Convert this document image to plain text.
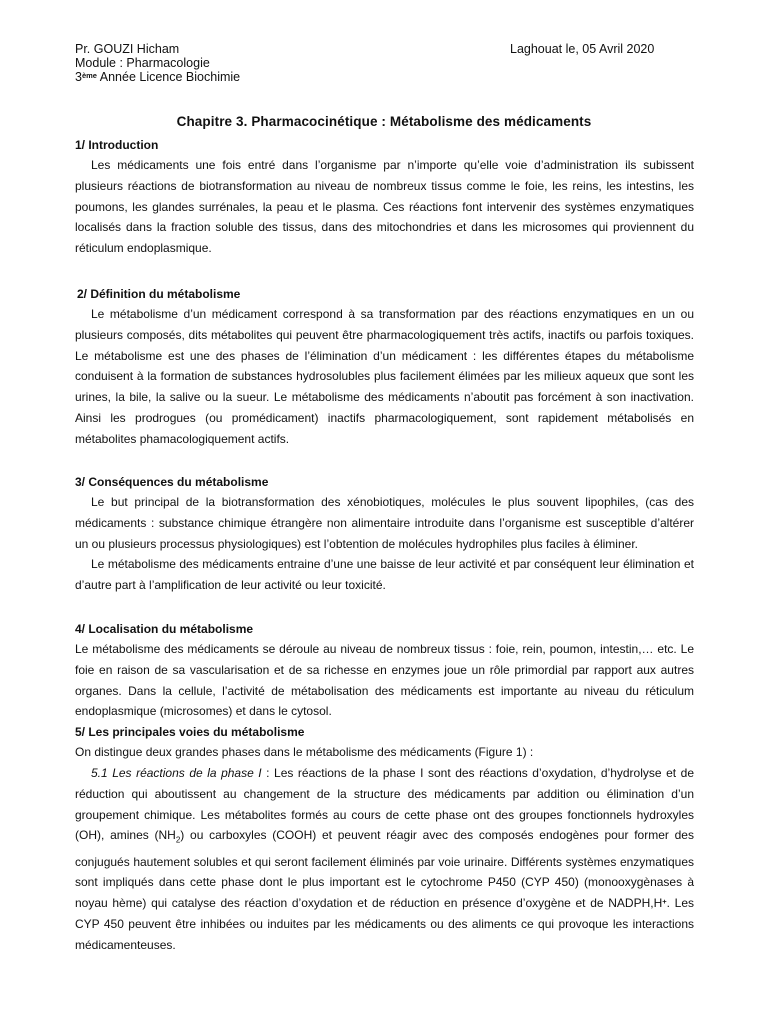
Pr. GOUZI Hicham
Module : Pharmacologie
3ème Année Licence Biochimie
Laghouat le, 05 Avril 2020
Chapitre 3. Pharmacocinétique : Métabolisme des médicaments
1/ Introduction
Les médicaments une fois entré dans l’organisme par n’importe qu’elle voie d’administration ils subissent plusieurs réactions de biotransformation au niveau de nombreux tissus comme le foie, les reins, les intestins, les poumons, les glandes surrénales, la peau et le plasma. Ces réactions font intervenir des systèmes enzymatiques localisés dans la fraction soluble des tissus, dans des mitochondries et dans les microsomes qui proviennent du réticulum endoplasmique.
2/ Définition du métabolisme
Le métabolisme d’un médicament correspond à sa transformation par des réactions enzymatiques en un ou plusieurs composés, dits métabolites qui peuvent être pharmacologiquement très actifs, inactifs ou parfois toxiques. Le métabolisme est une des phases de l’élimination d’un médicament : les différentes étapes du métabolisme conduisent à la formation de substances hydrosolubles plus facilement élimées par les milieux aqueux que sont les urines, la bile, la salive ou la sueur. Le métabolisme des médicaments n’aboutit pas forcément à son inactivation. Ainsi les prodrogues (ou promédicament) inactifs pharmacologiquement, sont rapidement métabolisés en métabolites phamacologiquement actifs.
3/ Conséquences du métabolisme
Le but principal de la biotransformation des xénobiotiques, molécules le plus souvent lipophiles, (cas des médicaments : substance chimique étrangère non alimentaire introduite dans l’organisme est susceptible d’altérer un ou plusieurs processus physiologiques) est l’obtention de molécules hydrophiles plus faciles à éliminer.
Le métabolisme des médicaments entraine d’une une baisse de leur activité et par conséquent leur élimination et d’autre part à l’amplification de leur activité ou leur toxicité.
4/ Localisation du métabolisme
Le métabolisme des médicaments se déroule au niveau de nombreux tissus : foie, rein, poumon, intestin,… etc. Le foie en raison de sa vascularisation et de sa richesse en enzymes joue un rôle primordial par rapport aux autres organes. Dans la cellule, l’activité de métabolisation des médicaments est importante au niveau du réticulum endoplasmique (microsomes) et dans le cytosol.
5/ Les principales voies du métabolisme
On distingue deux grandes phases dans le métabolisme des médicaments (Figure 1) :
5.1 Les réactions de la phase I : Les réactions de la phase I sont des réactions d’oxydation, d’hydrolyse et de réduction qui aboutissent au changement de la structure des médicaments par addition ou élimination d’un groupement chimique. Les métabolites formés au cours de cette phase ont des groupes fonctionnels hydroxyles (OH), amines $(NH_2)$ ou carboxyles (COOH) et peuvent réagir avec des composés endogènes pour former des conjugués hautement solubles et qui seront facilement éliminés par voie urinaire. Différents systèmes enzymatiques sont impliqués dans cette phase dont le plus important est le cytochrome P450 (CYP 450) (monooxygènases à noyau hème) qui catalyse des réaction d’oxydation et de réduction en présence d’oxygène et de NADPH,H+. Les CYP 450 peuvent être inhibées ou induites par les médicaments ou des aliments ce qui provoque les interactions médicamenteuses.
